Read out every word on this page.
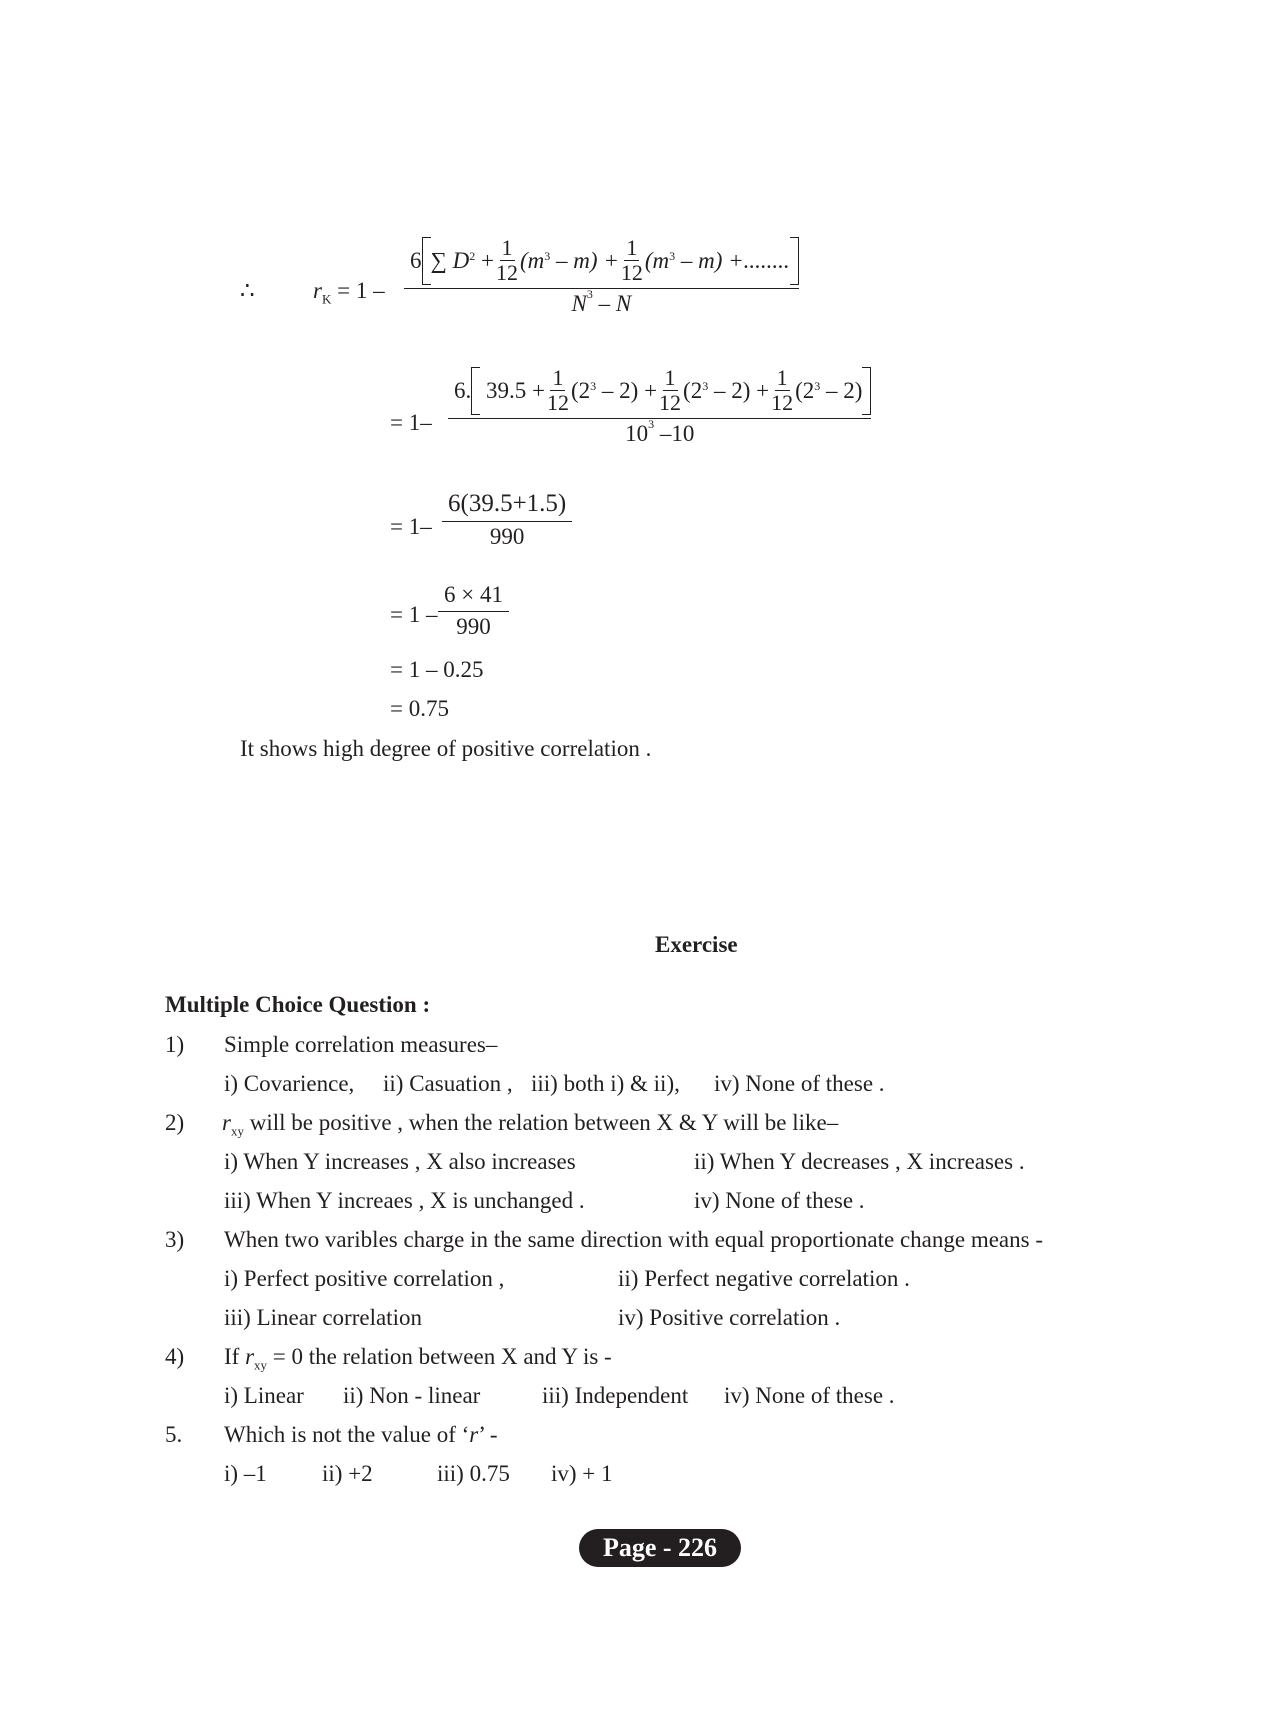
∴	$r_K = 1$ –
6 ∑
$D^2$
+ $\frac{1}{12} (m^3$
– $m) + \frac{1}{12} (m^3$
– m) +........
$N^3$ – N
= 1–
6.
$39.5 + \frac{1}{12} (2^3$
– $2) + \frac{1}{12} (2^3$
– $2) + \frac{1}{12} (2^3$
– 2)
$10^3$ –10
= $1- \frac{6(39.5+1.5)}{990}$
= $1 - \frac{6 \times 41}{990}$
= 1 – 0.25
= 0.75
It shows high degree of positive correlation .
Exercise
Multiple Choice Question :
1) Simple correlation measures–
i) Covarience, ii) Casuation , iii) both i) & ii), iv) None of these .
2) $r_{xy}$ will be positive , when the relation between X & Y will be like–
i) When Y increases , X also increases	ii) When Y decreases , X increases .
iii) When Y increaes , X is unchanged .	iv) None of these .
3) When two varibles charge in the same direction with equal proportionate change means -
i) Perfect positive correlation ,	ii) Perfect negative correlation .
iii) Linear correlation	iv) Positive correlation .
4) If $r_{xy} = 0$ the relation between X and Y is -
i) Linear ii) Non - linear	iii) Independent iv) None of these .
5. Which is not the value of ‘r’ -
i) –1 ii) +2	iii) 0.75 iv) + 1
Page - 226
